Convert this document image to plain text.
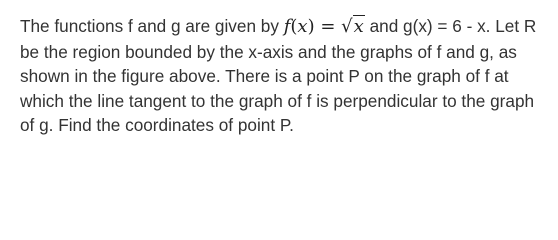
The functions f and g are given by f(x) = √x and g(x) = 6 - x. Let R be the region bounded by the x-axis and the graphs of f and g, as shown in the figure above. There is a point P on the graph of f at which the line tangent to the graph of f is perpendicular to the graph of g. Find the coordinates of point P.
